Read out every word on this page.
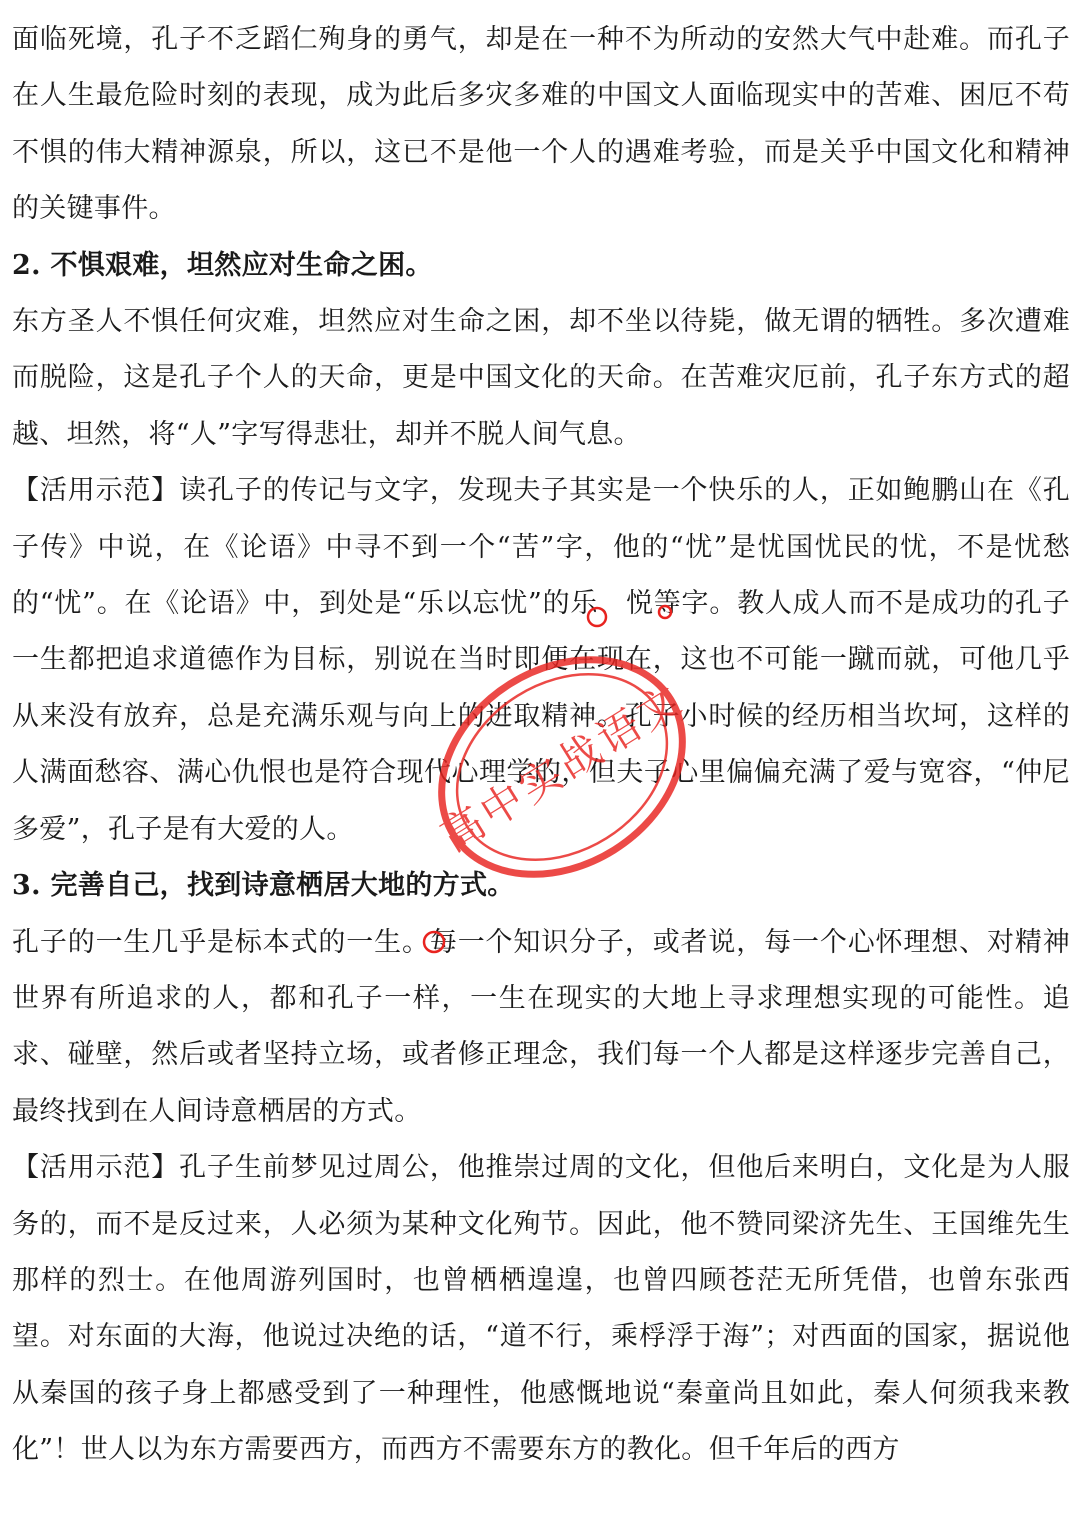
面临死境，孔子不乏蹈仁殉身的勇气，却是在一种不为所动的安然大气中赴难。而孔子在人生最危险时刻的表现，成为此后多灾多难的中国文人面临现实中的苦难、困厄不苟不惧的伟大精神源泉，所以，这已不是他一个人的遇难考验，而是关乎中国文化和精神的关键事件。

2. 不惧艰难，坦然应对生命之困。

东方圣人不惧任何灾难，坦然应对生命之困，却不坐以待毙，做无谓的牺牲。多次遭难而脱险，这是孔子个人的天命，更是中国文化的天命。在苦难灾厄前，孔子东方式的超越、坦然，将“人”字写得悲壮，却并不脱人间气息。

【活用示范】读孔子的传记与文字，发现夫子其实是一个快乐的人，正如鲍鹏山在《孔子传》中说，在《论语》中寻不到一个“苦”字，他的“忧”是忧国忧民的忧，不是忧愁的“忧”。在《论语》中，到处是“乐以忘忧”的乐、悦等字。教人成人而不是成功的孔子一生都把追求道德作为目标，别说在当时即便在现在，这也不可能一蹴而就，可他几乎从来没有放弃，总是充满乐观与向上的进取精神。孔子小时候的经历相当坎坷，这样的人满面愁容、满心仇恨也是符合现代心理学的，但夫子心里偏偏充满了爱与宽容，“仲尼多爱”，孔子是有大爱的人。

3. 完善自己，找到诗意栖居大地的方式。

孔子的一生几乎是标本式的一生。每一个知识分子，或者说，每一个心怀理想、对精神世界有所追求的人，都和孔子一样，一生在现实的大地上寻求理想实现的可能性。追求、碰壁，然后或者坚持立场，或者修正理念，我们每一个人都是这样逐步完善自己，最终找到在人间诗意栖居的方式。

【活用示范】孔子生前梦见过周公，他推崇过周的文化，但他后来明白，文化是为人服务的，而不是反过来，人必须为某种文化殉节。因此，他不赞同梁济先生、王国维先生那样的烈士。在他周游列国时，也曾栖栖遑遑，也曾四顾苍茫无所凭借，也曾东张西望。对东面的大海，他说过决绝的话，“道不行，乘桴浮于海”；对西面的国家，据说他从秦国的孩子身上都感受到了一种理性，他感慨地说“秦童尚且如此，秦人何须我来教化”！世人以为东方需要西方，而西方不需要东方的教化。但千年后的西方

高中实战语文
